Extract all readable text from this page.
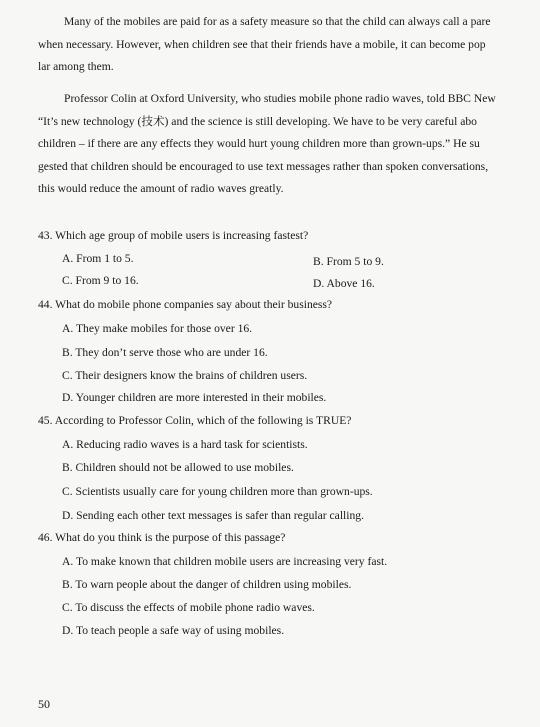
Many of the mobiles are paid for as a safety measure so that the child can always call a pare
when necessary. However, when children see that their friends have a mobile, it can become pop
lar among them.
Professor Colin at Oxford University, who studies mobile phone radio waves, told BBC New
“It’s new technology (技术) and the science is still developing. We have to be very careful abo
children – if there are any effects they would hurt young children more than grown-ups.” He su
gested that children should be encouraged to use text messages rather than spoken conversations,
this would reduce the amount of radio waves greatly.
43. Which age group of mobile users is increasing fastest?
A. From 1 to 5.	B. From 5 to 9.
C. From 9 to 16.	D. Above 16.
44. What do mobile phone companies say about their business?
A. They make mobiles for those over 16.
B. They don’t serve those who are under 16.
C. Their designers know the brains of children users.
D. Younger children are more interested in their mobiles.
45. According to Professor Colin, which of the following is TRUE?
A. Reducing radio waves is a hard task for scientists.
B. Children should not be allowed to use mobiles.
C. Scientists usually care for young children more than grown-ups.
D. Sending each other text messages is safer than regular calling.
46. What do you think is the purpose of this passage?
A. To make known that children mobile users are increasing very fast.
B. To warn people about the danger of children using mobiles.
C. To discuss the effects of mobile phone radio waves.
D. To teach people a safe way of using mobiles.
50
